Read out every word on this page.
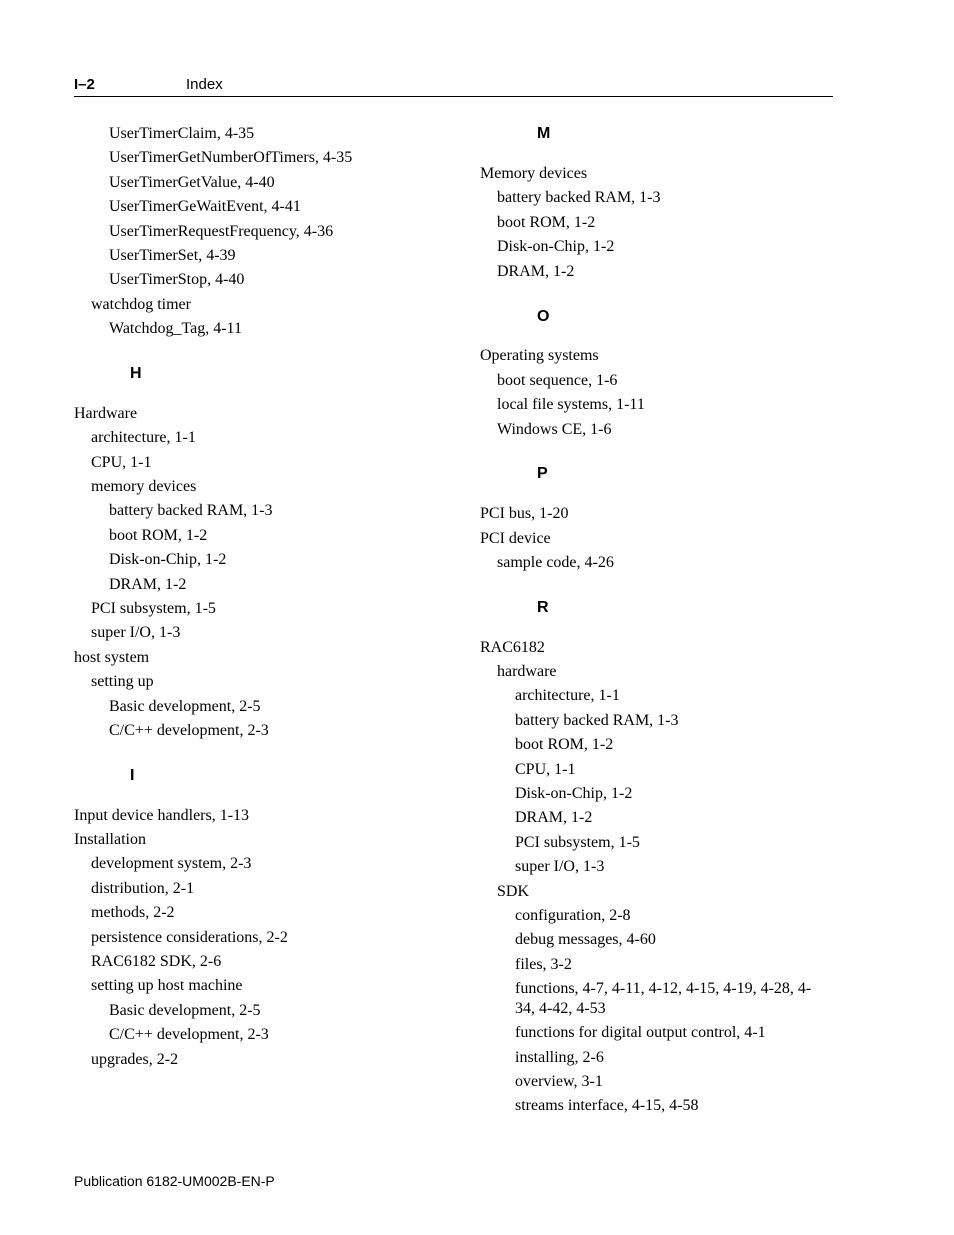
I–2	Index
UserTimerClaim, 4-35
UserTimerGetNumberOfTimers, 4-35
UserTimerGetValue, 4-40
UserTimerGeWaitEvent, 4-41
UserTimerRequestFrequency, 4-36
UserTimerSet, 4-39
UserTimerStop, 4-40
watchdog timer
Watchdog_Tag, 4-11
H
Hardware
architecture, 1-1
CPU, 1-1
memory devices
battery backed RAM, 1-3
boot ROM, 1-2
Disk-on-Chip, 1-2
DRAM, 1-2
PCI subsystem, 1-5
super I/O, 1-3
host system
setting up
Basic development, 2-5
C/C++ development, 2-3
I
Input device handlers, 1-13
Installation
development system, 2-3
distribution, 2-1
methods, 2-2
persistence considerations, 2-2
RAC6182 SDK, 2-6
setting up host machine
Basic development, 2-5
C/C++ development, 2-3
upgrades, 2-2
M
Memory devices
battery backed RAM, 1-3
boot ROM, 1-2
Disk-on-Chip, 1-2
DRAM, 1-2
O
Operating systems
boot sequence, 1-6
local file systems, 1-11
Windows CE, 1-6
P
PCI bus, 1-20
PCI device
sample code, 4-26
R
RAC6182
hardware
architecture, 1-1
battery backed RAM, 1-3
boot ROM, 1-2
CPU, 1-1
Disk-on-Chip, 1-2
DRAM, 1-2
PCI subsystem, 1-5
super I/O, 1-3
SDK
configuration, 2-8
debug messages, 4-60
files, 3-2
functions, 4-7, 4-11, 4-12, 4-15, 4-19, 4-28, 4-34, 4-42, 4-53
functions for digital output control, 4-1
installing, 2-6
overview, 3-1
streams interface, 4-15, 4-58
Publication 6182-UM002B-EN-P
